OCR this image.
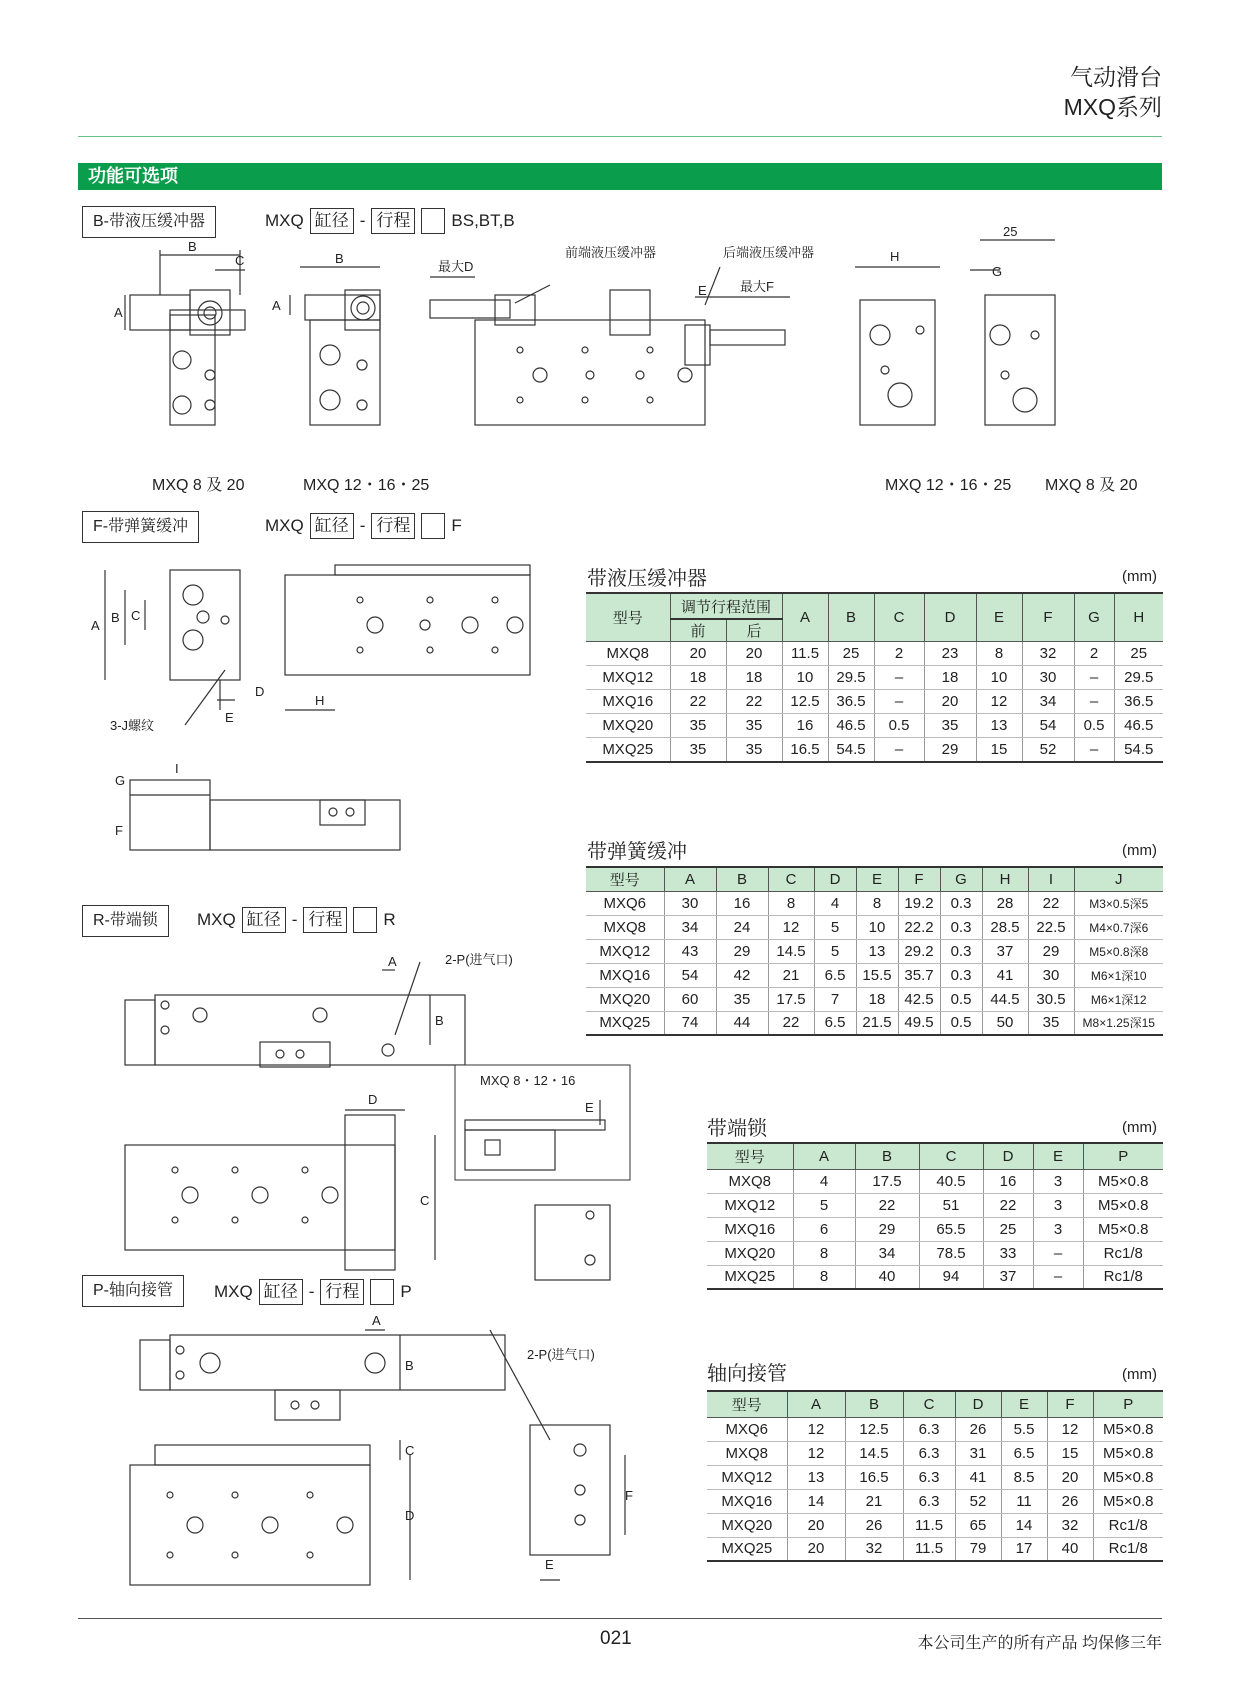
气动滑台
MXQ系列
功能可选项
B-带液压缓冲器	MXQ 缸径 - 行程 BS,BT,B
B
C
A
B
A
最大D
前端液压缓冲器	后端液压缓冲器
最大F
E
H
25
G
MXQ 8 及 20	MXQ 12・16・25	MXQ 12・16・25 MXQ 8 及 20
F-带弹簧缓冲	MXQ 缸径 - 行程 F
A
B C
D
E
3-J螺纹
H
G
I
F
R-带端锁	MXQ 缸径 - 行程 R
A
B
2-P(进气口)
D
C
MXQ 8・12・16
E
P-轴向接管	MXQ 缸径 - 行程 P
A
B
C
D
2-P(进气口)
F
E
带液压缓冲器	(mm)
型号	调节行程范围		A	B	C	D	E	F	G	H
	前	后								
MXQ8	20	20	11.5	25	2	23	8	32	2	25
MXQ12	18	18	10	29.5	–	18	10	30	–	29.5
MXQ16	22	22	12.5	36.5	–	20	12	34	–	36.5
MXQ20	35	35	16	46.5	0.5	35	13	54	0.5	46.5
MXQ25	35	35	16.5	54.5	–	29	15	52	–	54.5
带弹簧缓冲	(mm)
型号	A	B	C	D	E	F	G	H	I	J
MXQ6	30	16	8	4	8	19.2	0.3	28	22	M3×0.5深5
MXQ8	34	24	12	5	10	22.2	0.3	28.5	22.5	M4×0.7深6
MXQ12	43	29	14.5	5	13	29.2	0.3	37	29	M5×0.8深8
MXQ16	54	42	21	6.5	15.5	35.7	0.3	41	30	M6×1深10
MXQ20	60	35	17.5	7	18	42.5	0.5	44.5	30.5	M6×1深12
MXQ25	74	44	22	6.5	21.5	49.5	0.5	50	35	M8×1.25深15
带端锁	(mm)
型号	A	B	C	D	E	P
MXQ8	4	17.5	40.5	16	3	M5×0.8
MXQ12	5	22	51	22	3	M5×0.8
MXQ16	6	29	65.5	25	3	M5×0.8
MXQ20	8	34	78.5	33	–	Rc1/8
MXQ25	8	40	94	37	–	Rc1/8
轴向接管	(mm)
型号	A	B	C	D	E	F	P
MXQ6	12	12.5	6.3	26	5.5	12	M5×0.8
MXQ8	12	14.5	6.3	31	6.5	15	M5×0.8
MXQ12	13	16.5	6.3	41	8.5	20	M5×0.8
MXQ16	14	21	6.3	52	11	26	M5×0.8
MXQ20	20	26	11.5	65	14	32	Rc1/8
MXQ25	20	32	11.5	79	17	40	Rc1/8
021	本公司生产的所有产品 均保修三年
